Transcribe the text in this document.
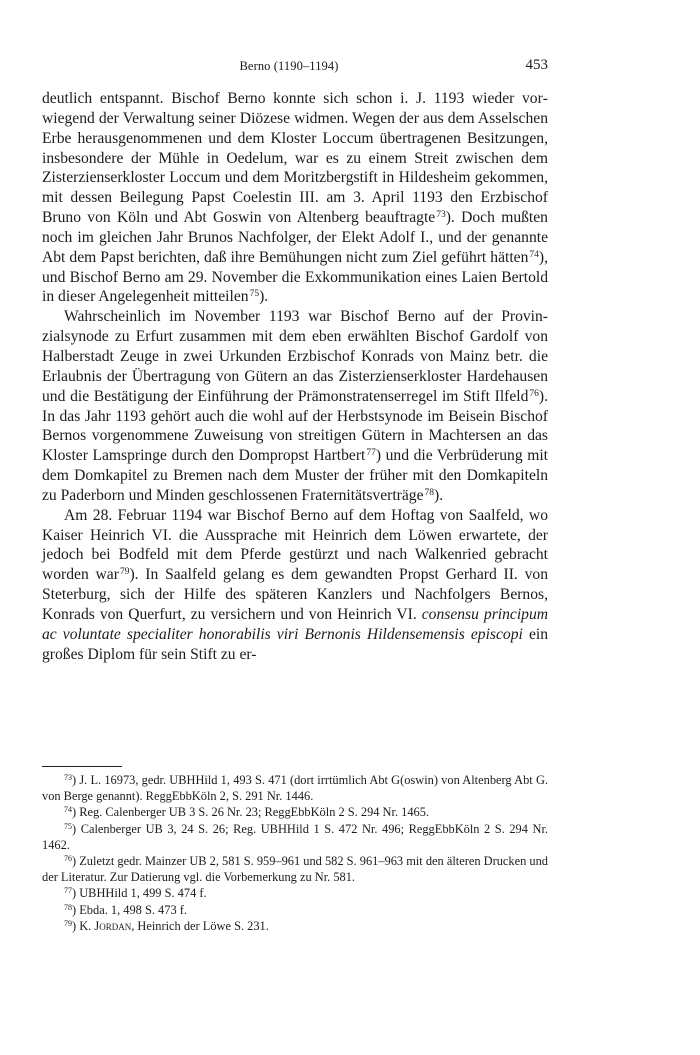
Berno (1190–1194)	453

deutlich entspannt. Bischof Berno konnte sich schon i. J. 1193 wieder vorwiegend der Verwaltung seiner Diözese widmen. Wegen der aus dem Asselschen Erbe herausgenommenen und dem Kloster Loccum übertragenen Besitzungen, insbesondere der Mühle in Oedelum, war es zu einem Streit zwischen dem Zisterzienserkloster Loccum und dem Moritzbergstift in Hildesheim gekommen, mit dessen Beilegung Papst Coelestin III. am 3. April 1193 den Erzbischof Bruno von Köln und Abt Goswin von Altenberg beauftragte$^{73}$). Doch mußten noch im gleichen Jahr Brunos Nachfolger, der Elekt Adolf I., und der genannte Abt dem Papst berichten, daß ihre Bemühungen nicht zum Ziel geführt hätten$^{74}$), und Bischof Berno am 29. November die Exkommunikation eines Laien Bertold in dieser Angelegenheit mitteilen$^{75}$).

Wahrscheinlich im November 1193 war Bischof Berno auf der Provinzialsynode zu Erfurt zusammen mit dem eben erwählten Bischof Gardolf von Halberstadt Zeuge in zwei Urkunden Erzbischof Konrads von Mainz betr. die Erlaubnis der Übertragung von Gütern an das Zisterzienserkloster Hardehausen und die Bestätigung der Einführung der Prämonstratenserregel im Stift Ilfeld$^{76}$). In das Jahr 1193 gehört auch die wohl auf der Herbstsynode im Beisein Bischof Bernos vorgenommene Zuweisung von streitigen Gütern in Machtersen an das Kloster Lamspringe durch den Dompropst Hartbert$^{77}$) und die Verbrüderung mit dem Domkapitel zu Bremen nach dem Muster der früher mit den Domkapiteln zu Paderborn und Minden geschlossenen Fraternitätsverträge$^{78}$).

Am 28. Februar 1194 war Bischof Berno auf dem Hoftag von Saalfeld, wo Kaiser Heinrich VI. die Aussprache mit Heinrich dem Löwen erwartete, der jedoch bei Bodfeld mit dem Pferde gestürzt und nach Walkenried gebracht worden war$^{79}$). In Saalfeld gelang es dem gewandten Propst Gerhard II. von Steterburg, sich der Hilfe des späteren Kanzlers und Nachfolgers Bernos, Konrads von Querfurt, zu versichern und von Heinrich VI. consensu principum ac voluntate specialiter honorabilis viri Bernonis Hildensemensis episcopi ein großes Diplom für sein Stift zu er-

$^{73}$) J. L. 16973, gedr. UBHHild 1, 493 S. 471 (dort irrtümlich Abt G(oswin) von Altenberg Abt G. von Berge genannt). ReggEbbKöln 2, S. 291 Nr. 1446.

$^{74}$) Reg. Calenberger UB 3 S. 26 Nr. 23; ReggEbbKöln 2 S. 294 Nr. 1465.

$^{75}$) Calenberger UB 3, 24 S. 26; Reg. UBHHild 1 S. 472 Nr. 496; ReggEbbKöln 2 S. 294 Nr. 1462.

$^{76}$) Zuletzt gedr. Mainzer UB 2, 581 S. 959–961 und 582 S. 961–963 mit den älteren Drucken und der Literatur. Zur Datierung vgl. die Vorbemerkung zu Nr. 581.

$^{77}$) UBHHild 1, 499 S. 474 f.

$^{78}$) Ebda. 1, 498 S. 473 f.

$^{79}$) K. Jordan, Heinrich der Löwe S. 231.
